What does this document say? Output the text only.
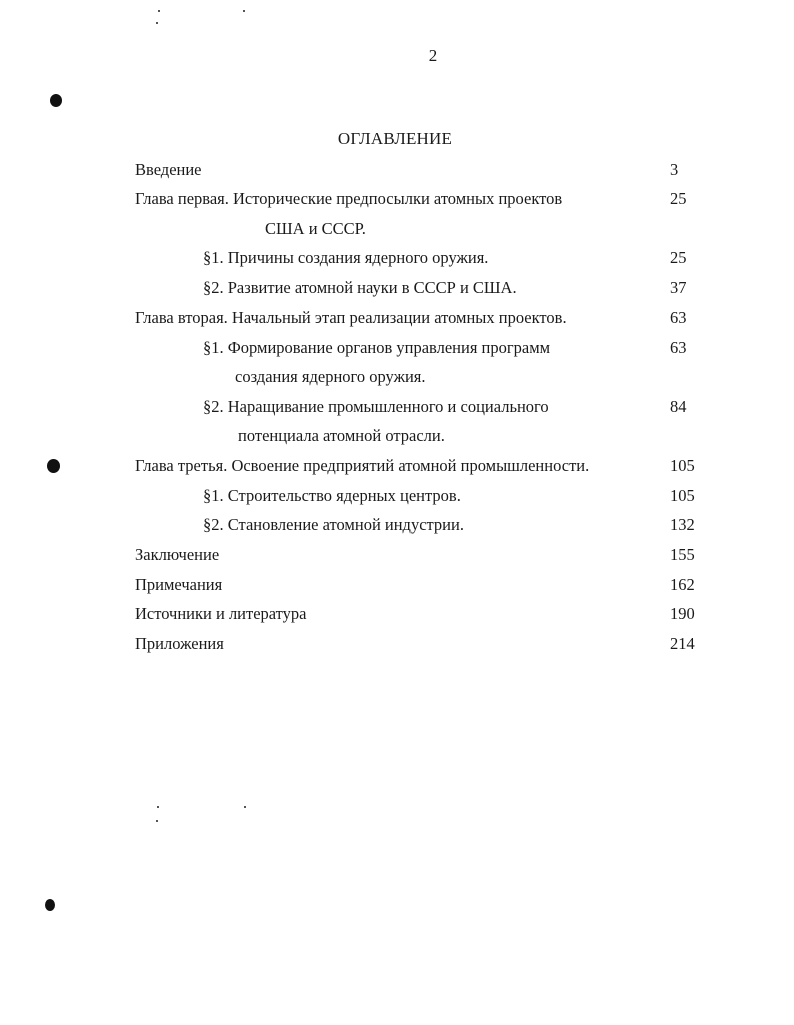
2
ОГЛАВЛЕНИЕ
Введение	3
Глава первая. Исторические предпосылки атомных проектов	25
США и СССР.
§1. Причины создания ядерного оружия.	25
§2. Развитие атомной науки в СССР и США.	37
Глава вторая. Начальный этап реализации атомных проектов.	63
§1. Формирование органов управления программ	63
создания ядерного оружия.
§2. Наращивание промышленного и социального	84
потенциала атомной отрасли.
Глава третья. Освоение предприятий атомной промышленности.	105
§1. Строительство ядерных центров.	105
§2. Становление атомной индустрии.	132
Заключение	155
Примечания	162
Источники и литература	190
Приложения	214
